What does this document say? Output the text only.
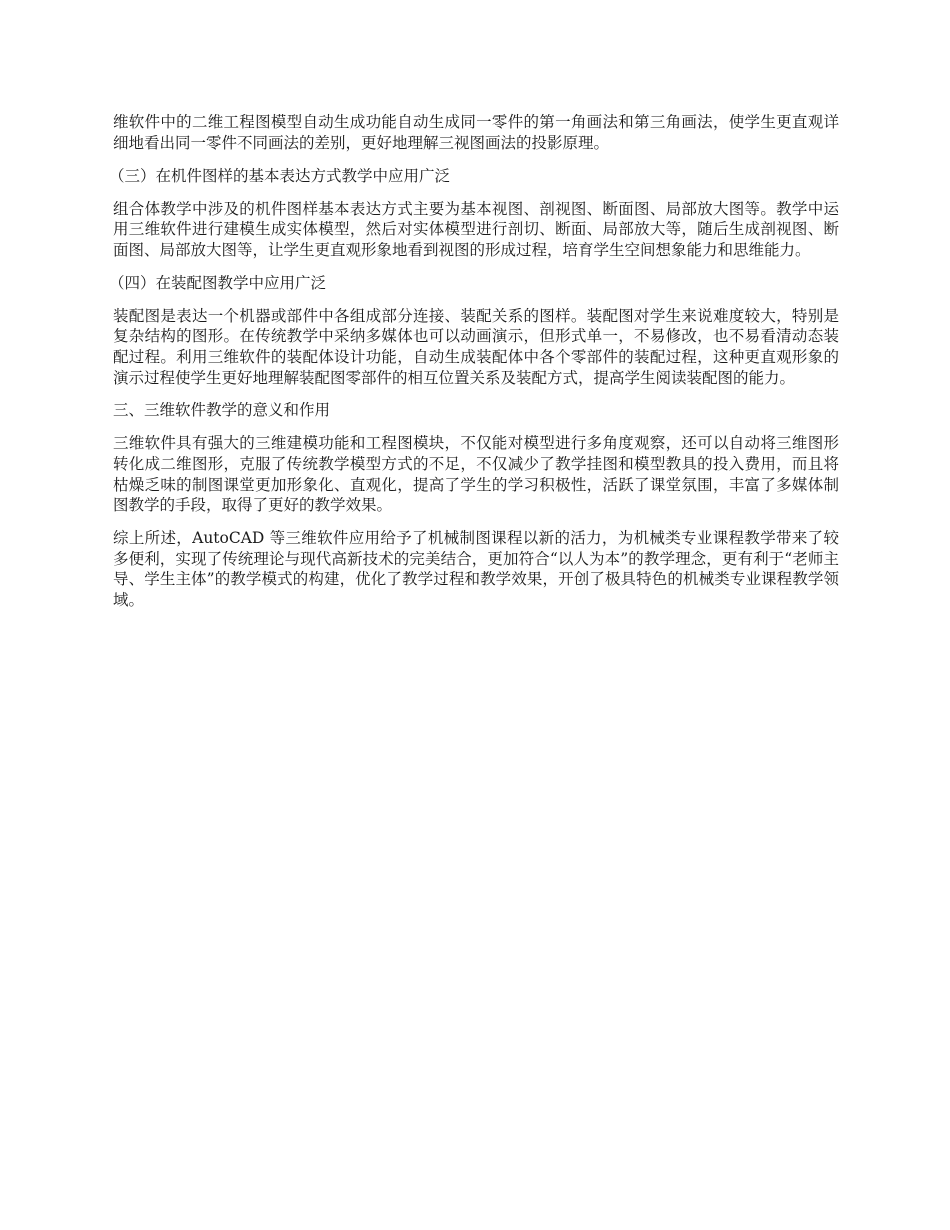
维软件中的二维工程图模型自动生成功能自动生成同一零件的第一角画法和第三角画法，使学生更直观详细地看出同一零件不同画法的差别，更好地理解三视图画法的投影原理。

（三）在机件图样的基本表达方式教学中应用广泛

组合体教学中涉及的机件图样基本表达方式主要为基本视图、剖视图、断面图、局部放大图等。教学中运用三维软件进行建模生成实体模型，然后对实体模型进行剖切、断面、局部放大等，随后生成剖视图、断面图、局部放大图等，让学生更直观形象地看到视图的形成过程，培育学生空间想象能力和思维能力。

（四）在装配图教学中应用广泛

装配图是表达一个机器或部件中各组成部分连接、装配关系的图样。装配图对学生来说难度较大，特别是复杂结构的图形。在传统教学中采纳多媒体也可以动画演示，但形式单一，不易修改，也不易看清动态装配过程。利用三维软件的装配体设计功能，自动生成装配体中各个零部件的装配过程，这种更直观形象的演示过程使学生更好地理解装配图零部件的相互位置关系及装配方式，提高学生阅读装配图的能力。

三、三维软件教学的意义和作用

三维软件具有强大的三维建模功能和工程图模块，不仅能对模型进行多角度观察，还可以自动将三维图形转化成二维图形，克服了传统教学模型方式的不足，不仅减少了教学挂图和模型教具的投入费用，而且将枯燥乏味的制图课堂更加形象化、直观化，提高了学生的学习积极性，活跃了课堂氛围，丰富了多媒体制图教学的手段，取得了更好的教学效果。

综上所述，AutoCAD 等三维软件应用给予了机械制图课程以新的活力，为机械类专业课程教学带来了较多便利，实现了传统理论与现代高新技术的完美结合，更加符合“以人为本”的教学理念，更有利于“老师主导、学生主体”的教学模式的构建，优化了教学过程和教学效果，开创了极具特色的机械类专业课程教学领域。
